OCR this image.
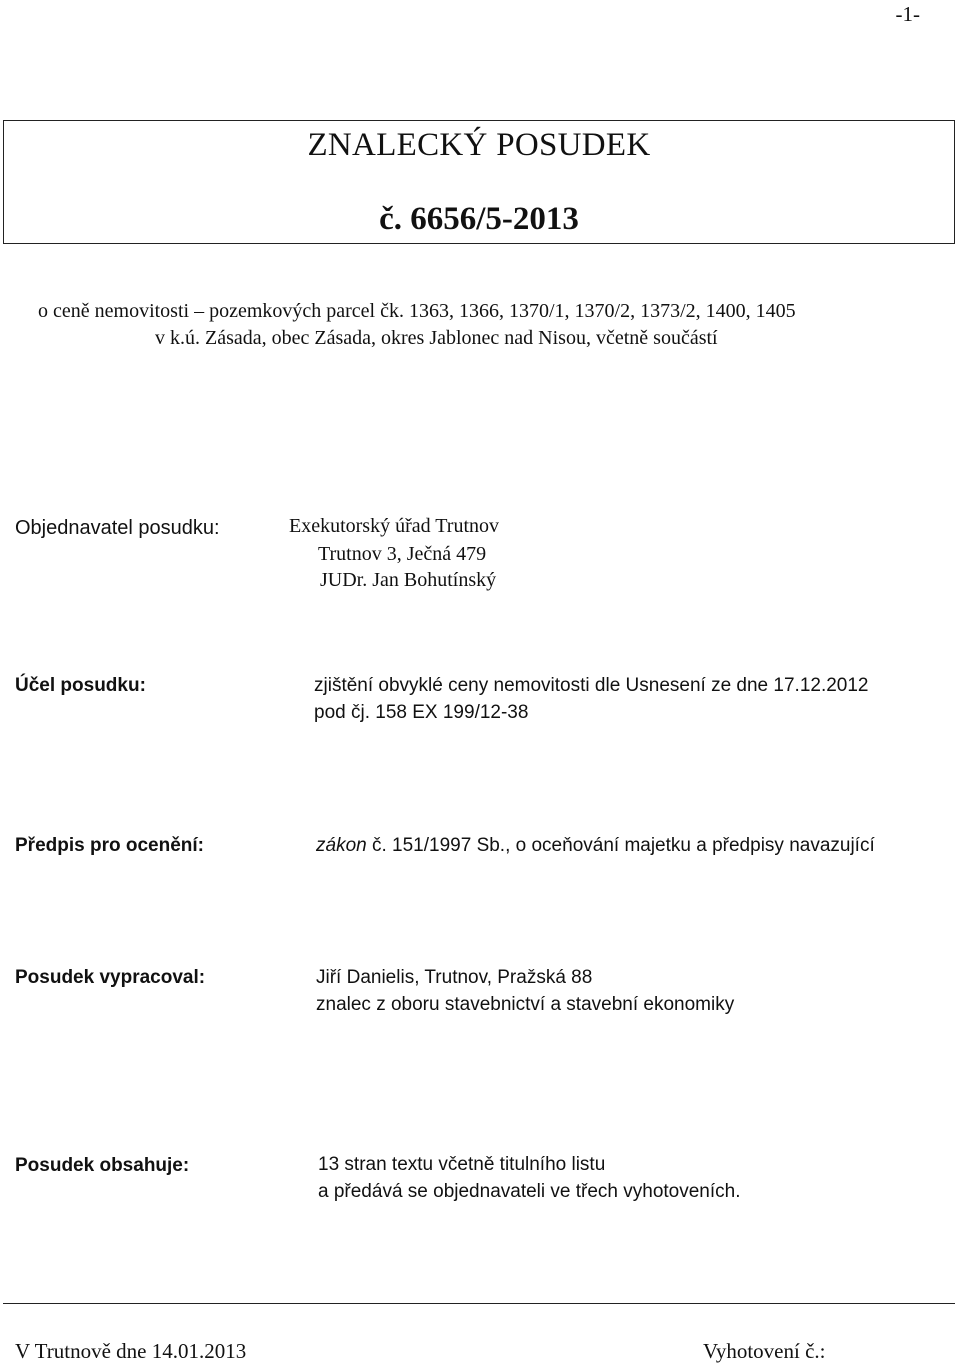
-1-
ZNALECKÝ POSUDEK
č. 6656/5-2013
o ceně nemovitosti – pozemkových parcel čk. 1363, 1366, 1370/1, 1370/2, 1373/2, 1400, 1405
v k.ú. Zásada, obec Zásada, okres Jablonec nad Nisou, včetně součástí
Objednavatel posudku:	Exekutorský úřad Trutnov
Trutnov 3, Ječná 479
JUDr. Jan Bohutínský
Účel posudku:	zjištění obvyklé ceny nemovitosti dle Usnesení ze dne 17.12.2012
pod čj. 158 EX 199/12-38
Předpis pro ocenění:	zákon č. 151/1997 Sb., o oceňování majetku a předpisy navazující
Posudek vypracoval:	Jiří Danielis, Trutnov, Pražská 88
znalec z oboru stavebnictví a stavební ekonomiky
Posudek obsahuje:	13 stran textu včetně titulního listu
a předává se objednavateli ve třech vyhotoveních.
V Trutnově dne 14.01.2013	Vyhotovení č.:
